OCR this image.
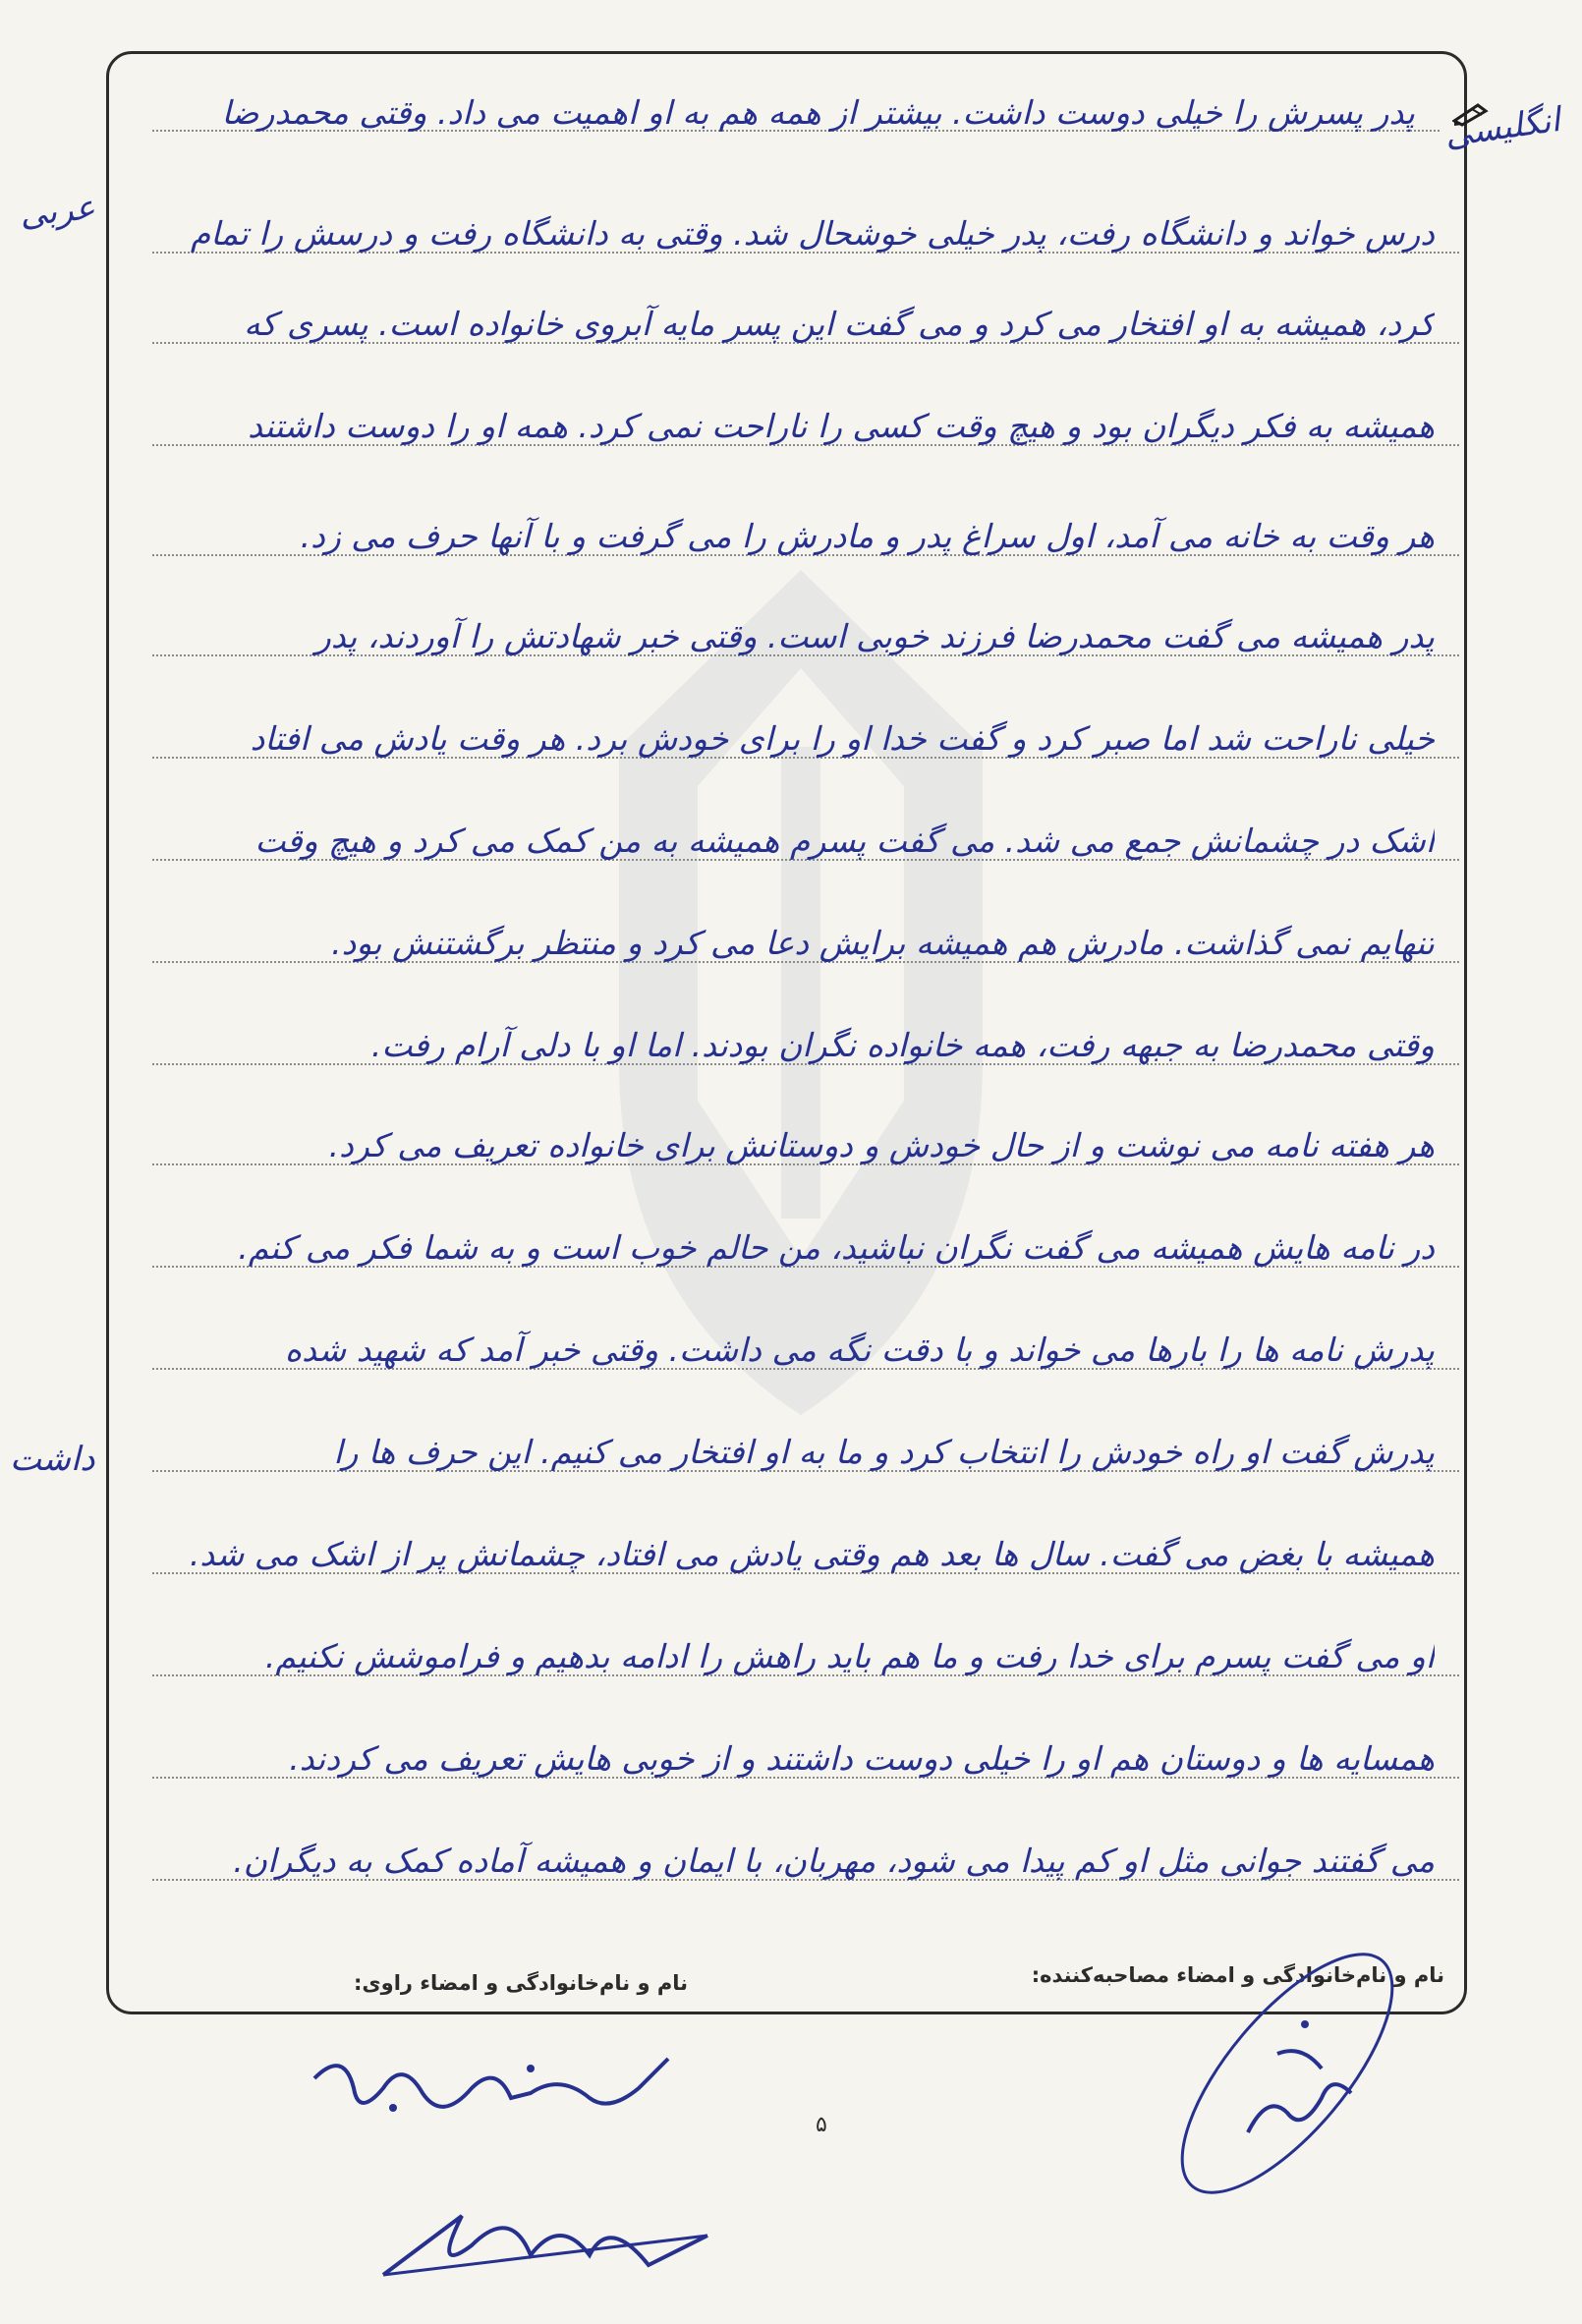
پدر پسرش را خیلی دوست داشت. بیشتر از همه هم به او اهمیت می داد. وقتی محمدرضا
درس خواند و دانشگاه رفت، پدر خیلی خوشحال شد. وقتی به دانشگاه رفت و درسش را تمام
کرد، همیشه به او افتخار می کرد و می گفت این پسر مایه آبروی خانواده است. پسری که
همیشه به فکر دیگران بود و هیچ وقت کسی را ناراحت نمی کرد. همه او را دوست داشتند
هر وقت به خانه می آمد، اول سراغ پدر و مادرش را می گرفت و با آنها حرف می زد.
پدر همیشه می گفت محمدرضا فرزند خوبی است. وقتی خبر شهادتش را آوردند، پدر
خیلی ناراحت شد اما صبر کرد و گفت خدا او را برای خودش برد. هر وقت یادش می افتاد
اشک در چشمانش جمع می شد. می گفت پسرم همیشه به من کمک می کرد و هیچ وقت
تنهایم نمی گذاشت. مادرش هم همیشه برایش دعا می کرد و منتظر برگشتنش بود.
وقتی محمدرضا به جبهه رفت، همه خانواده نگران بودند. اما او با دلی آرام رفت.
هر هفته نامه می نوشت و از حال خودش و دوستانش برای خانواده تعریف می کرد.
در نامه هایش همیشه می گفت نگران نباشید، من حالم خوب است و به شما فکر می کنم.
پدرش نامه ها را بارها می خواند و با دقت نگه می داشت. وقتی خبر آمد که شهید شده
پدرش گفت او راه خودش را انتخاب کرد و ما به او افتخار می کنیم. این حرف ها را
همیشه با بغض می گفت. سال ها بعد هم وقتی یادش می افتاد، چشمانش پر از اشک می شد.
او می گفت پسرم برای خدا رفت و ما هم باید راهش را ادامه بدهیم و فراموشش نکنیم.
همسایه ها و دوستان هم او را خیلی دوست داشتند و از خوبی هایش تعریف می کردند.
می گفتند جوانی مثل او کم پیدا می شود، مهربان، با ایمان و همیشه آماده کمک به دیگران.
انگلیسی
عربی
داشت
نام و نام‌خانوادگی و امضاء مصاحبه‌کننده:
نام و نام‌خانوادگی و امضاء راوی:
۵
